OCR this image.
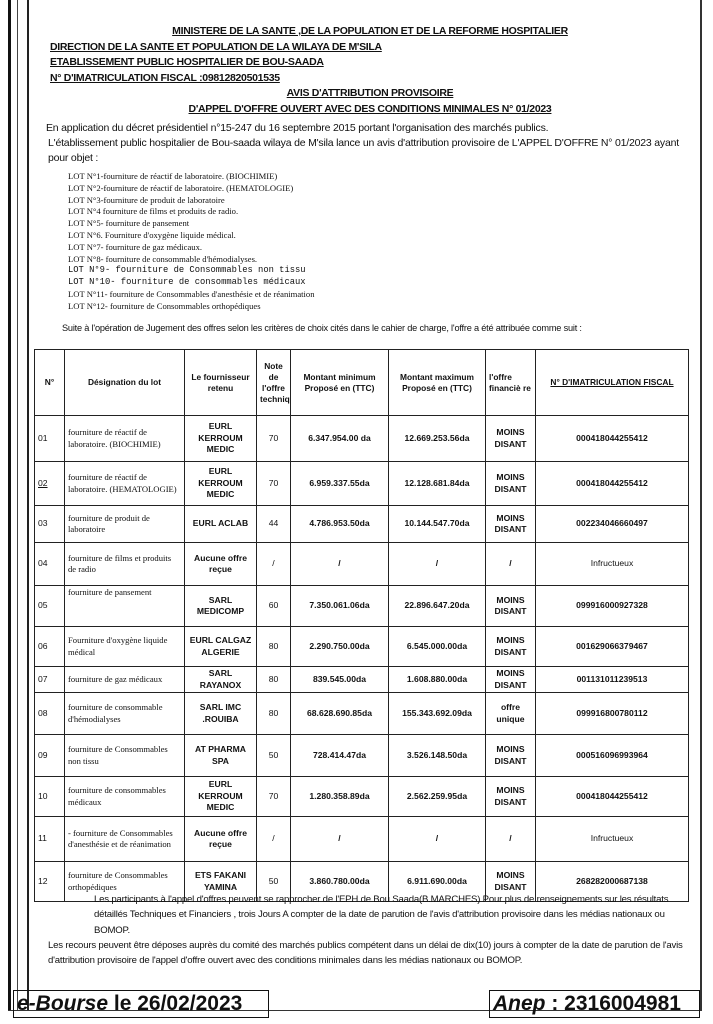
MINISTERE DE LA SANTE ,DE LA POPULATION ET DE LA REFORME HOSPITALIER
DIRECTION DE LA SANTE ET POPULATION DE LA WILAYA DE M'SILA
ETABLISSEMENT PUBLIC HOSPITALIER DE BOU-SAADA
N° D'IMATRICULATION FISCAL :09812820501535
AVIS D'ATTRIBUTION PROVISOIRE
D'APPEL D'OFFRE OUVERT AVEC DES CONDITIONS MINIMALES N° 01/2023

En application du décret présidentiel n°15-247 du 16 septembre 2015 portant l'organisation des marchés publics.

L'établissement public hospitalier de Bou-saada wilaya de M'sila lance un avis d'attribution provisoire de L'APPEL D'OFFRE N° 01/2023 ayant pour objet :

LOT N°1-fourniture de réactif de laboratoire. (BIOCHIMIE)
LOT N°2-fourniture de réactif de laboratoire. (HEMATOLOGIE)
LOT N°3-fourniture de produit de laboratoire
LOT N°4 fourniture de films et produits de radio.
LOT N°5- fourniture de pansement
LOT N°6. Fourniture d'oxygène liquide médical.
LOT N°7- fourniture de gaz médicaux.
LOT N°8- fourniture de consommable d'hémodialyses.
LOT N°9- fourniture de Consommables non tissu
LOT N°10- fourniture de consommables médicaux
LOT N°11- fourniture de Consommables d'anesthésie et de réanimation
LOT N°12- fourniture de Consommables orthopédiques
Suite à l'opération de Jugement des offres selon les critères de choix cités dans le cahier de charge, l'offre a été attribuée comme suit :
N°	Désignation du lot	Le fournisseur retenu	Note de l'offre techniq	Montant minimum Proposé en (TTC)	Montant maximum Proposé en (TTC)	l'offre financiè re	N° D'IMATRICULATION FISCAL
01	fourniture de réactif de laboratoire. (BIOCHIMIE)	EURL KERROUM MEDIC	70	6.347.954.00 da	12.669.253.56da	MOINS DISANT	000418044255412
02	fourniture de réactif de laboratoire. (HEMATOLOGIE)	EURL KERROUM MEDIC	70	6.959.337.55da	12.128.681.84da	MOINS DISANT	000418044255412
03	fourniture de produit de laboratoire	EURL ACLAB	44	4.786.953.50da	10.144.547.70da	MOINS DISANT	002234046660497
04	fourniture de films et produits de radio	Aucune offre reçue	/	/	/	/	Infructueux
05	fourniture de pansement	SARL MEDICOMP	60	7.350.061.06da	22.896.647.20da	MOINS DISANT	099916000927328
06	Fourniture d'oxygène liquide médical	EURL CALGAZ ALGERIE	80	2.290.750.00da	6.545.000.00da	MOINS DISANT	001629066379467
07	fourniture de gaz médicaux	SARL RAYANOX	80	839.545.00da	1.608.880.00da	MOINS DISANT	001131011239513
08	fourniture de consommable d'hémodialyses	SARL IMC .ROUIBA	80	68.628.690.85da	155.343.692.09da	offre unique	099916800780112
09	fourniture de Consommables non tissu	AT PHARMA SPA	50	728.414.47da	3.526.148.50da	MOINS DISANT	000516096993964
10	fourniture de consommables médicaux	EURL KERROUM MEDIC	70	1.280.358.89da	2.562.259.95da	MOINS DISANT	000418044255412
11	- fourniture de Consommables d'anesthésie et de réanimation	Aucune offre reçue	/	/	/	/	Infructueux
12	fourniture de Consommables orthopédiques	ETS FAKANI YAMINA	50	3.860.780.00da	6.911.690.00da	MOINS DISANT	268282000687138

Les participants à l'appel d'offres peuvent se rapprocher de l'EPH de Bou Saada(B.MARCHES) Pour plus de renseignements sur les résultats détaillés Techniques et Financiers , trois Jours A compter de la date de parution de l'avis d'attribution provisoire dans les médias nationaux ou BOMOP.

Les recours peuvent être déposes auprès du comité des marchés publics compétent dans un délai de dix(10) jours à compter de la date de parution de l'avis d'attribution provisoire de l'appel d'offre ouvert avec des conditions minimales dans les médias nationaux ou BOMOP.

e-Bourse le 26/02/2023	Anep : 2316004981
